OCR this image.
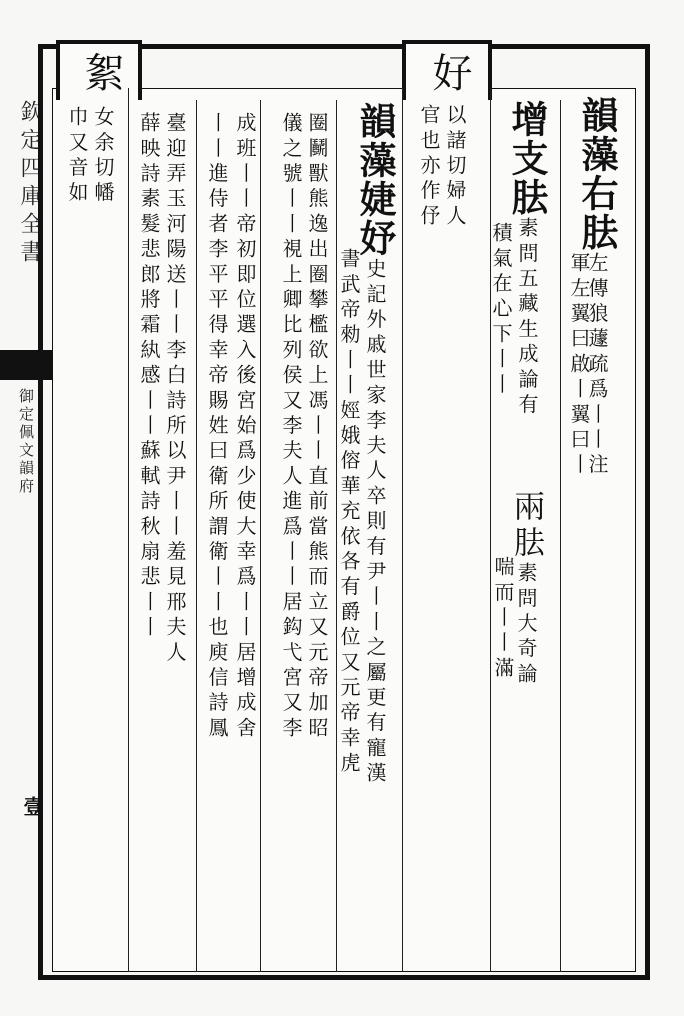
欽定四庫全書
御定佩文韻府
壹
絮	好
韻藻右胠左傳狼蘧疏爲丨丨注
軍左翼曰啟丨翼曰丨
增支胠素問五藏生成論有
積氣在心下丨丨
兩胠素問大奇論
喘而丨丨滿
以諸切婦人
官也亦作伃
韻藻婕妤史記外戚世家李夫人卒則有尹丨丨之屬更有寵漢
書武帝勑丨丨娙娥傛華充依各有爵位又元帝幸虎
圈鬭獸熊逸出圈攀檻欲上馮丨丨直前當熊而立又元帝加昭
儀之號丨丨視上卿比列侯又李夫人進爲丨丨居鈎弋宮又李
成班丨丨帝初即位選入後宮始爲少使大幸爲丨丨居增成舍
丨丨進侍者李平平得幸帝賜姓曰衛所謂衛丨丨也庾信詩鳳
臺迎弄玉河陽送丨丨李白詩所以尹丨丨羞見邢夫人
薛映詩素髮悲郎將霜紈感丨丨蘇軾詩秋扇悲丨丨
女余切幡
巾又音如
